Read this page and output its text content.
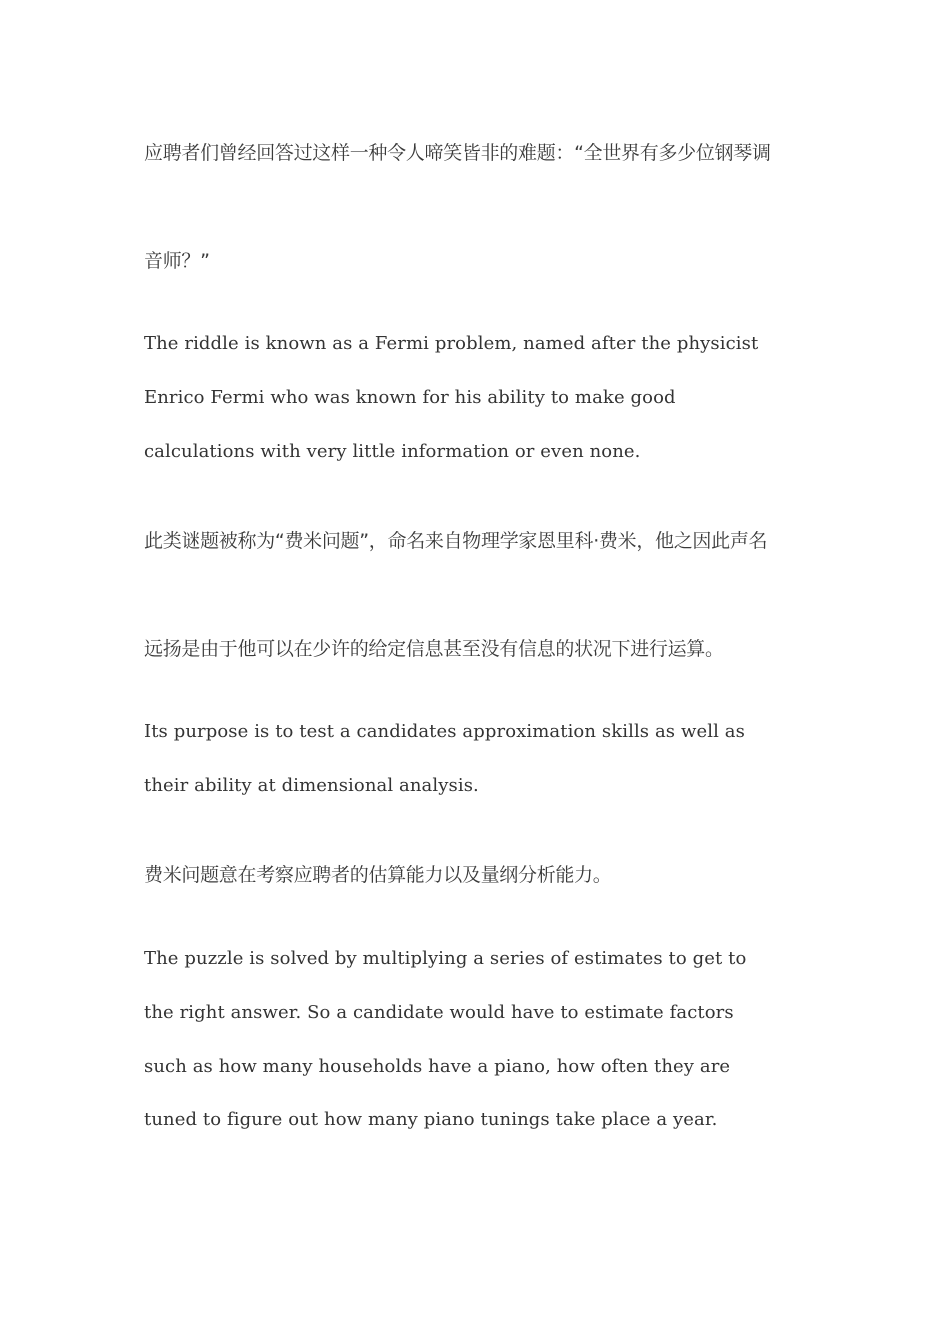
应聘者们曾经回答过这样一种令人啼笑皆非的难题：“全世界有多少位钢琴调
音师？”
The riddle is known as a Fermi problem, named after the physicist
Enrico Fermi who was known for his ability to make good
calculations with very little information or even none.
此类谜题被称为“费米问题”，命名来自物理学家恩里科·费米，他之因此声名
远扬是由于他可以在少许的给定信息甚至没有信息的状况下进行运算。
Its purpose is to test a candidates approximation skills as well as
their ability at dimensional analysis.
费米问题意在考察应聘者的估算能力以及量纲分析能力。
The puzzle is solved by multiplying a series of estimates to get to
the right answer. So a candidate would have to estimate factors
such as how many households have a piano, how often they are
tuned to figure out how many piano tunings take place a year.
